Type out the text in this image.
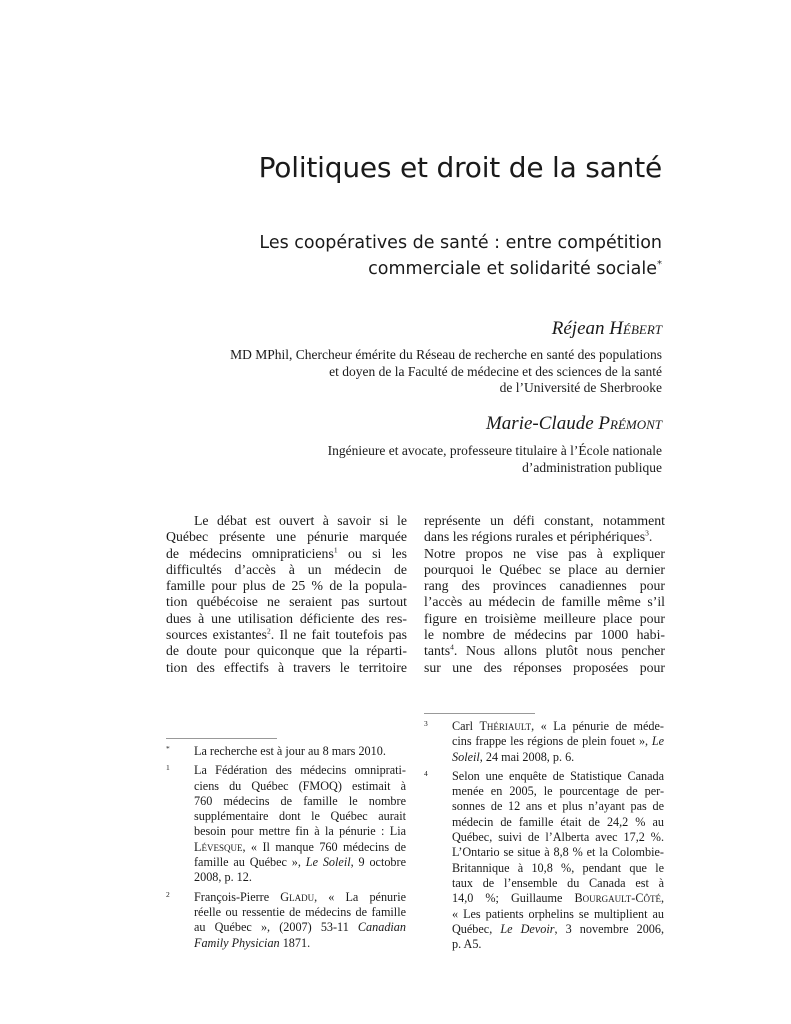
Politiques et droit de la santé
Les coopératives de santé : entre compétition
commerciale et solidarité sociale*
Réjean Hébert
MD MPhil, Chercheur émérite du Réseau de recherche en santé des populations
et doyen de la Faculté de médecine et des sciences de la santé
de l’Université de Sherbrooke
Marie-Claude Prémont
Ingénieure et avocate, professeure titulaire à l’École nationale
d’administration publique
Le débat est ouvert à savoir si le
Québec présente une pénurie marquée
de médecins omnipraticiens$^1$ ou si les
difficultés d’accès à un médecin de
famille pour plus de 25 % de la popula-
tion québécoise ne seraient pas surtout
dues à une utilisation déficiente des res-
sources existantes$^2$. Il ne fait toutefois pas
de doute pour quiconque que la réparti-
tion des effectifs à travers le territoire
représente un défi constant, notamment
dans les régions rurales et périphériques$^3$.
Notre propos ne vise pas à expliquer
pourquoi le Québec se place au dernier
rang des provinces canadiennes pour
l’accès au médecin de famille même s’il
figure en troisième meilleure place pour
le nombre de médecins par 1000 habi-
tants$^4$. Nous allons plutôt nous pencher
sur une des réponses proposées pour
* La recherche est à jour au 8 mars 2010.
1 La Fédération des médecins omniprati-
ciens du Québec (FMOQ) estimait à
760 médecins de famille le nombre
supplémentaire dont le Québec aurait
besoin pour mettre fin à la pénurie : Lia
Lévesque, « Il manque 760 médecins de
famille au Québec », Le Soleil, 9 octobre
2008, p. 12.
2 François-Pierre Gladu, « La pénurie
réelle ou ressentie de médecins de famille
au Québec », (2007) 53-11 Canadian
Family Physician 1871.
3 Carl Thériault, « La pénurie de méde-
cins frappe les régions de plein fouet », Le
Soleil, 24 mai 2008, p. 6.
4 Selon une enquête de Statistique Canada
menée en 2005, le pourcentage de per-
sonnes de 12 ans et plus n’ayant pas de
médecin de famille était de 24,2 % au
Québec, suivi de l’Alberta avec 17,2 %.
L’Ontario se situe à 8,8 % et la Colombie-
Britannique à 10,8 %, pendant que le
taux de l’ensemble du Canada est à
14,0 %; Guillaume Bourgault-Côté,
« Les patients orphelins se multiplient au
Québec, Le Devoir, 3 novembre 2006,
p. A5.
